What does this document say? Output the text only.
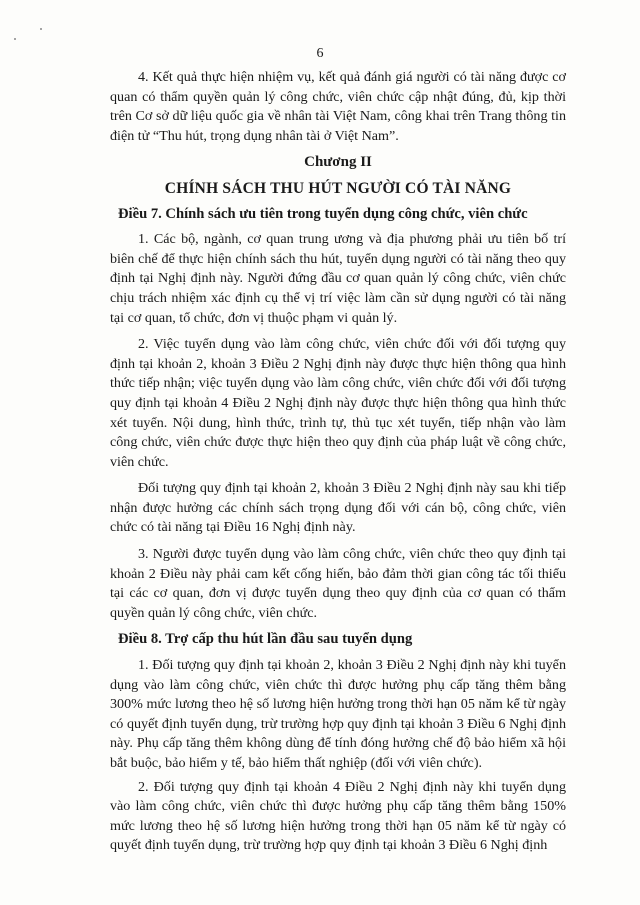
6

4. Kết quả thực hiện nhiệm vụ, kết quả đánh giá người có tài năng được cơ quan có thẩm quyền quản lý công chức, viên chức cập nhật đúng, đủ, kịp thời trên Cơ sở dữ liệu quốc gia về nhân tài Việt Nam, công khai trên Trang thông tin điện tử “Thu hút, trọng dụng nhân tài ở Việt Nam”.

Chương II
CHÍNH SÁCH THU HÚT NGƯỜI CÓ TÀI NĂNG
Điều 7. Chính sách ưu tiên trong tuyển dụng công chức, viên chức

1. Các bộ, ngành, cơ quan trung ương và địa phương phải ưu tiên bố trí biên chế để thực hiện chính sách thu hút, tuyển dụng người có tài năng theo quy định tại Nghị định này. Người đứng đầu cơ quan quản lý công chức, viên chức chịu trách nhiệm xác định cụ thể vị trí việc làm cần sử dụng người có tài năng tại cơ quan, tổ chức, đơn vị thuộc phạm vi quản lý.

2. Việc tuyển dụng vào làm công chức, viên chức đối với đối tượng quy định tại khoản 2, khoản 3 Điều 2 Nghị định này được thực hiện thông qua hình thức tiếp nhận; việc tuyển dụng vào làm công chức, viên chức đối với đối tượng quy định tại khoản 4 Điều 2 Nghị định này được thực hiện thông qua hình thức xét tuyển. Nội dung, hình thức, trình tự, thủ tục xét tuyển, tiếp nhận vào làm công chức, viên chức được thực hiện theo quy định của pháp luật về công chức, viên chức.

Đối tượng quy định tại khoản 2, khoản 3 Điều 2 Nghị định này sau khi tiếp nhận được hưởng các chính sách trọng dụng đối với cán bộ, công chức, viên chức có tài năng tại Điều 16 Nghị định này.

3. Người được tuyển dụng vào làm công chức, viên chức theo quy định tại khoản 2 Điều này phải cam kết cống hiến, bảo đảm thời gian công tác tối thiểu tại các cơ quan, đơn vị được tuyển dụng theo quy định của cơ quan có thẩm quyền quản lý công chức, viên chức.

Điều 8. Trợ cấp thu hút lần đầu sau tuyển dụng

1. Đối tượng quy định tại khoản 2, khoản 3 Điều 2 Nghị định này khi tuyển dụng vào làm công chức, viên chức thì được hưởng phụ cấp tăng thêm bằng 300% mức lương theo hệ số lương hiện hưởng trong thời hạn 05 năm kể từ ngày có quyết định tuyển dụng, trừ trường hợp quy định tại khoản 3 Điều 6 Nghị định này. Phụ cấp tăng thêm không dùng để tính đóng hưởng chế độ bảo hiểm xã hội bắt buộc, bảo hiểm y tế, bảo hiểm thất nghiệp (đối với viên chức).

2. Đối tượng quy định tại khoản 4 Điều 2 Nghị định này khi tuyển dụng vào làm công chức, viên chức thì được hưởng phụ cấp tăng thêm bằng 150% mức lương theo hệ số lương hiện hưởng trong thời hạn 05 năm kể từ ngày có quyết định tuyển dụng, trừ trường hợp quy định tại khoản 3 Điều 6 Nghị định
